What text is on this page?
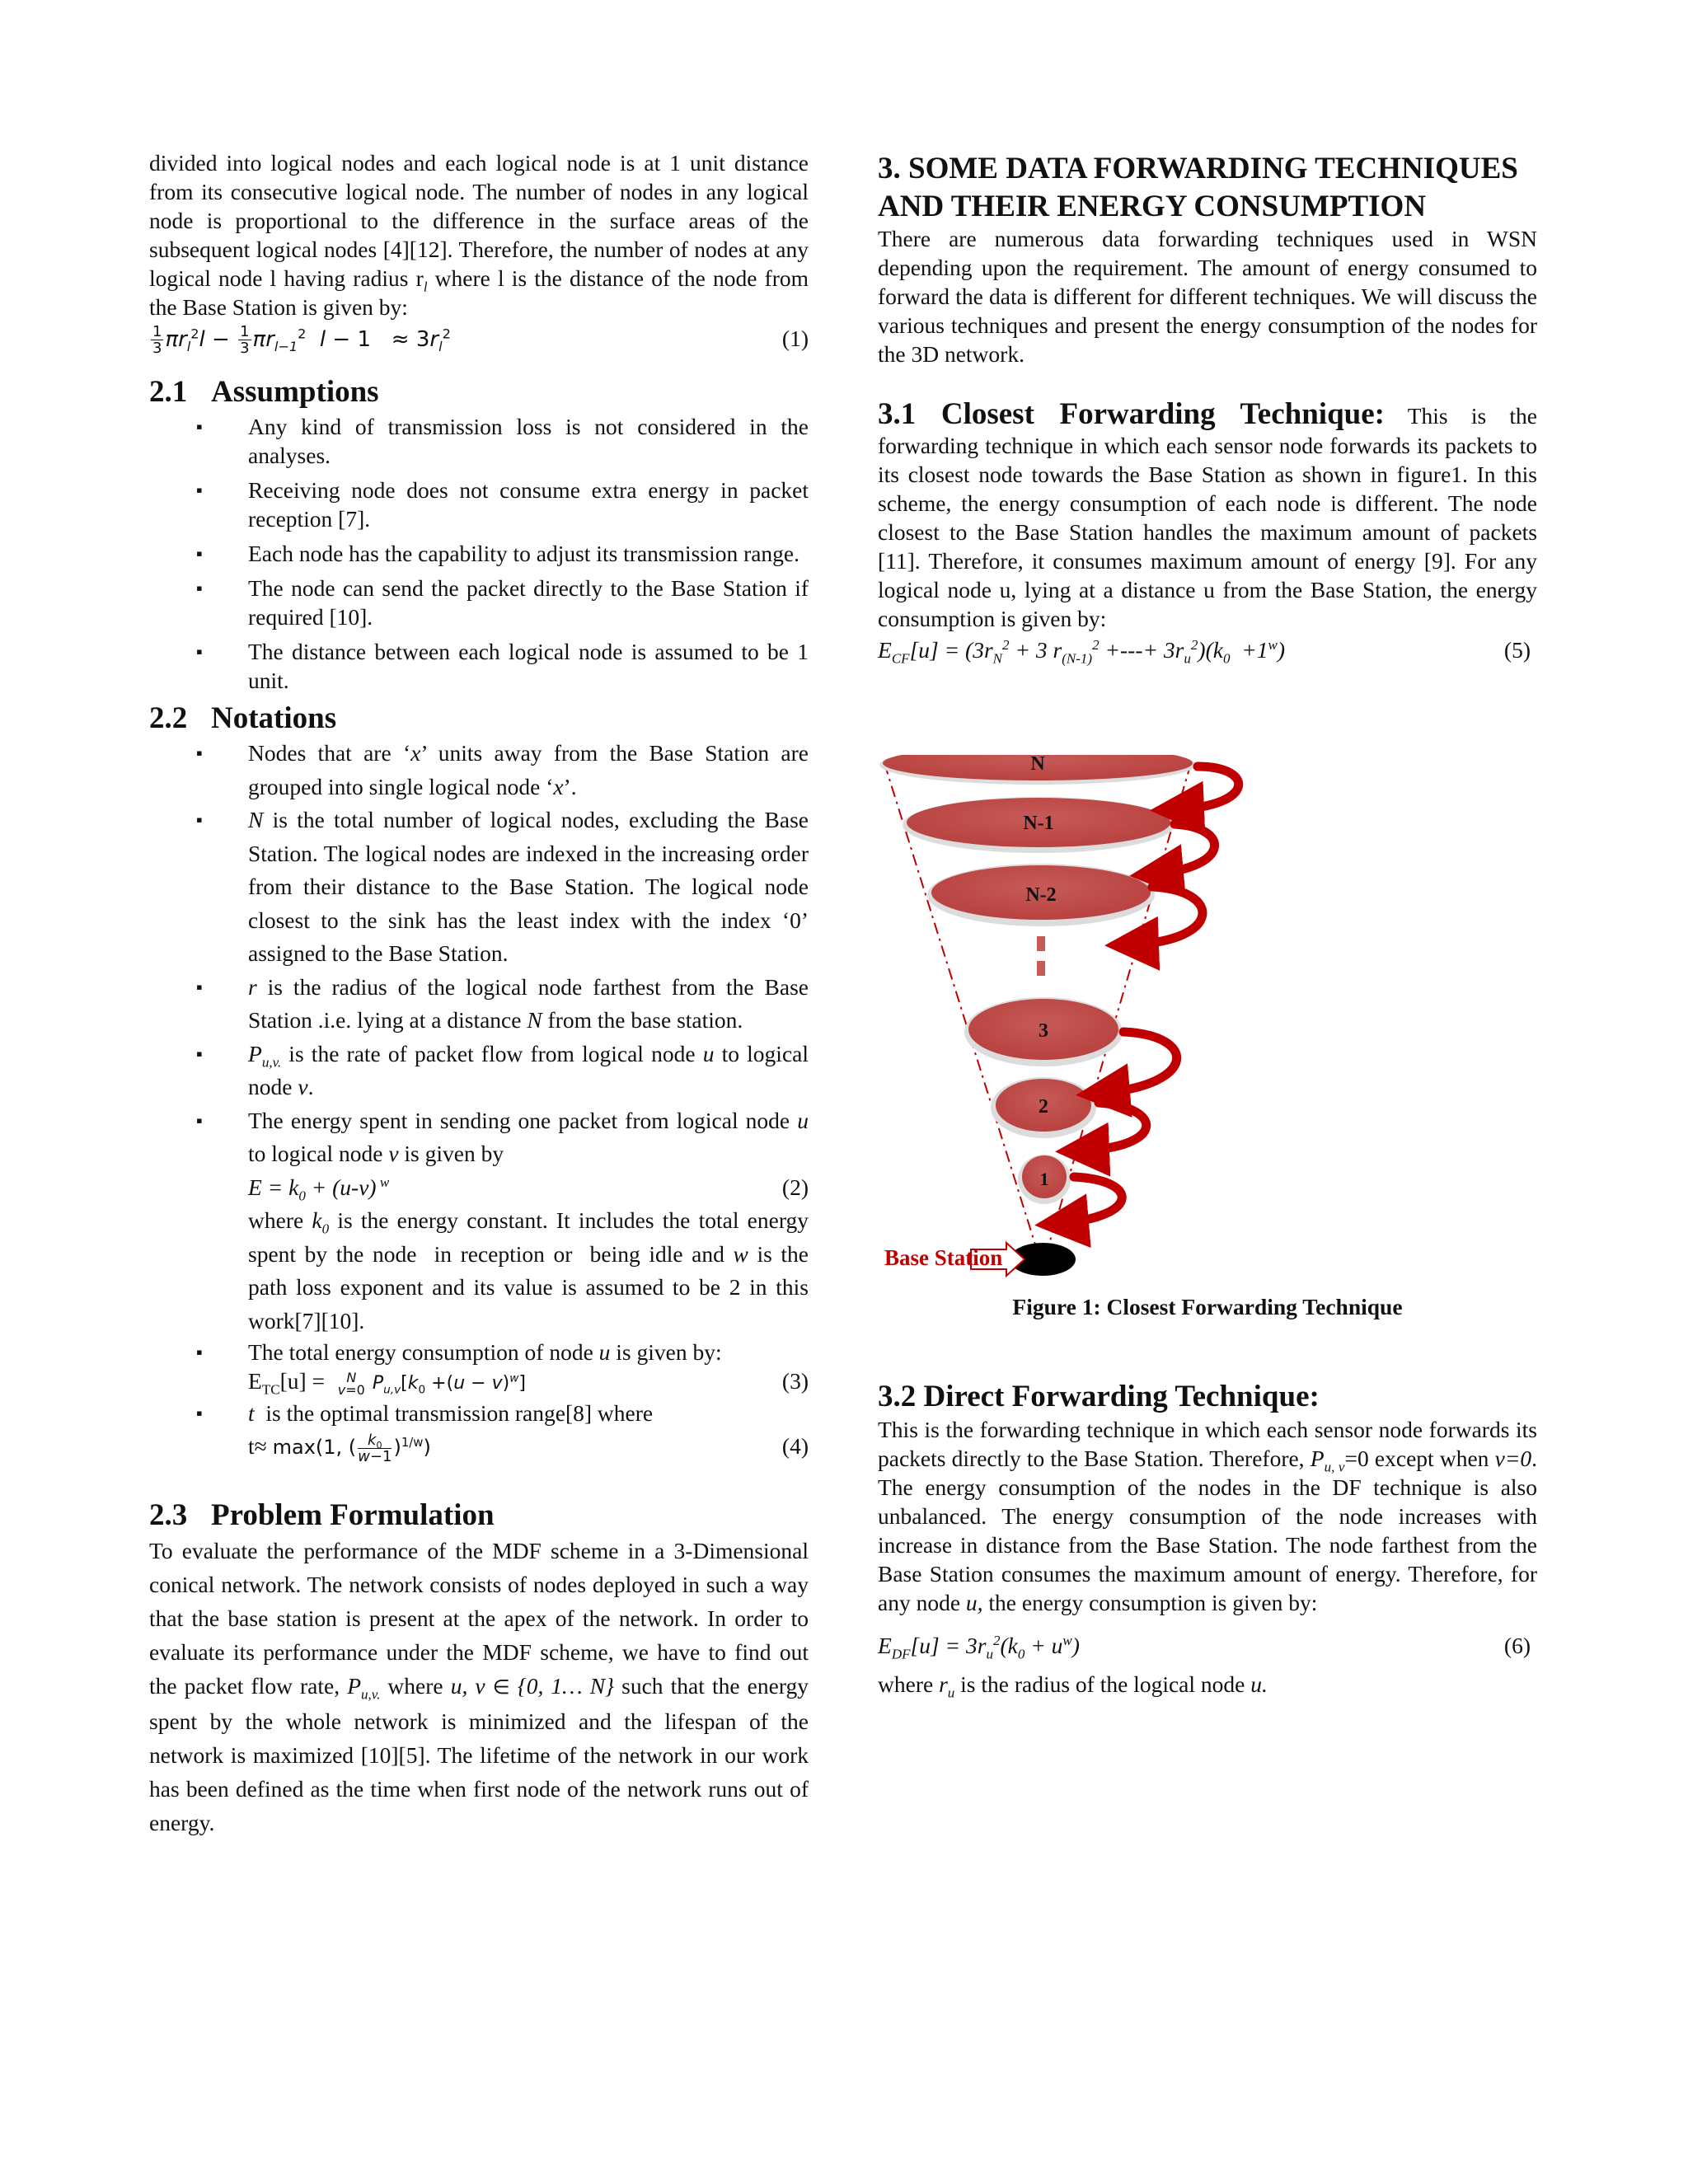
divided into logical nodes and each logical node is at 1 unit distance from its consecutive logical node. The number of nodes in any logical node is proportional to the difference in the surface areas of the subsequent logical nodes [4][12]. Therefore, the number of nodes at any logical node l having radius $r_l$ where l is the distance of the node from the Base Station is given by:

$\frac{1}{3} \pi r_l^2l - \frac{1}{3} \pi r_{l-1}^2$ $l - 1 \approx 3r_l^2$	(1)
2.1 Assumptions
▪ Any kind of transmission loss is not considered in the analyses.
▪ Receiving node does not consume extra energy in packet reception [7].
▪ Each node has the capability to adjust its transmission range.
▪ The node can send the packet directly to the Base Station if required [10].
▪ The distance between each logical node is assumed to be 1 unit.
2.2 Notations
▪ Nodes that are ‘x’ units away from the Base Station are grouped into single logical node ‘x’.
▪ N is the total number of logical nodes, excluding the Base Station. The logical nodes are indexed in the increasing order from their distance to the Base Station. The logical node closest to the sink has the least index with the index ‘0’ assigned to the Base Station.
▪ r is the radius of the logical node farthest from the Base Station .i.e. lying at a distance N from the base station.
▪ $P_{u,v.}$ is the rate of packet flow from logical node u to logical node v.
▪ The energy spent in sending one packet from logical node u to logical node v is given by
$E = k_0 + (u-v)$ $^w$	(2)
where $k_0$ is the energy constant. It includes the total energy spent by the node  in reception or  being idle and w is the path loss exponent and its value is assumed to be 2 in this work[7][10].
▪ The total energy consumption of node u is given by:
$E_{TC}[u] = N$
v=0 $P_{u,v}[k_0 +(u - v)^w]$	(3)
▪ t  is the optimal transmission range[8] where
t≈ max(1, ( $\frac{k_0}{w-1} )^{1/w}$)	(4)
2.3 Problem Formulation

To evaluate the performance of the MDF scheme in a 3-Dimensional conical network. The network consists of nodes deployed in such a way that the base station is present at the apex of the network. In order to evaluate its performance under the MDF scheme, we have to find out the packet flow rate, $P_{u,v.}$ where u, v ∈ {0, 1… N} such that the energy spent by the whole network is minimized and the lifespan of the network is maximized [10][5]. The lifetime of the network in our work has been defined as the time when first node of the network runs out of energy.

3. SOME DATA FORWARDING TECHNIQUES AND THEIR ENERGY CONSUMPTION

There are numerous data forwarding techniques used in WSN depending upon the requirement. The amount of energy consumed to forward the data is different for different techniques. We will discuss the various techniques and present the energy consumption of the nodes for the 3D network.

3.1 Closest Forwarding Technique: This is the forwarding technique in which each sensor node forwards its packets to its closest node towards the Base Station as shown in figure1. In this scheme, the energy consumption of each node is different. The node closest to the Base Station handles the maximum amount of packets [11]. Therefore, it consumes maximum amount of energy [9]. For any logical node u, lying at a distance u from the Base Station, the energy consumption is given by:

$E_{CF}[u] = (3r_N^2 + 3$ $r_{(N-1)}^2$ +---+ $3r_u^2)(k_0 +1^w)$	(5)
N
N-1
N-2
3
2
1
Base Station
Figure 1: Closest Forwarding Technique
3.2 Direct Forwarding Technique:

This is the forwarding technique in which each sensor node forwards its packets directly to the Base Station. Therefore, $P_{u, v}=0$ except when v=0. The energy consumption of the nodes in the DF technique is also unbalanced. The energy consumption of the node increases with increase in distance from the Base Station. The node farthest from the Base Station consumes the maximum amount of energy. Therefore, for any node u, the energy consumption is given by:

$E_{DF}[u] = 3r_u^2(k_0 + u^w)$	(6)

where $r_u$ is the radius of the logical node u.
